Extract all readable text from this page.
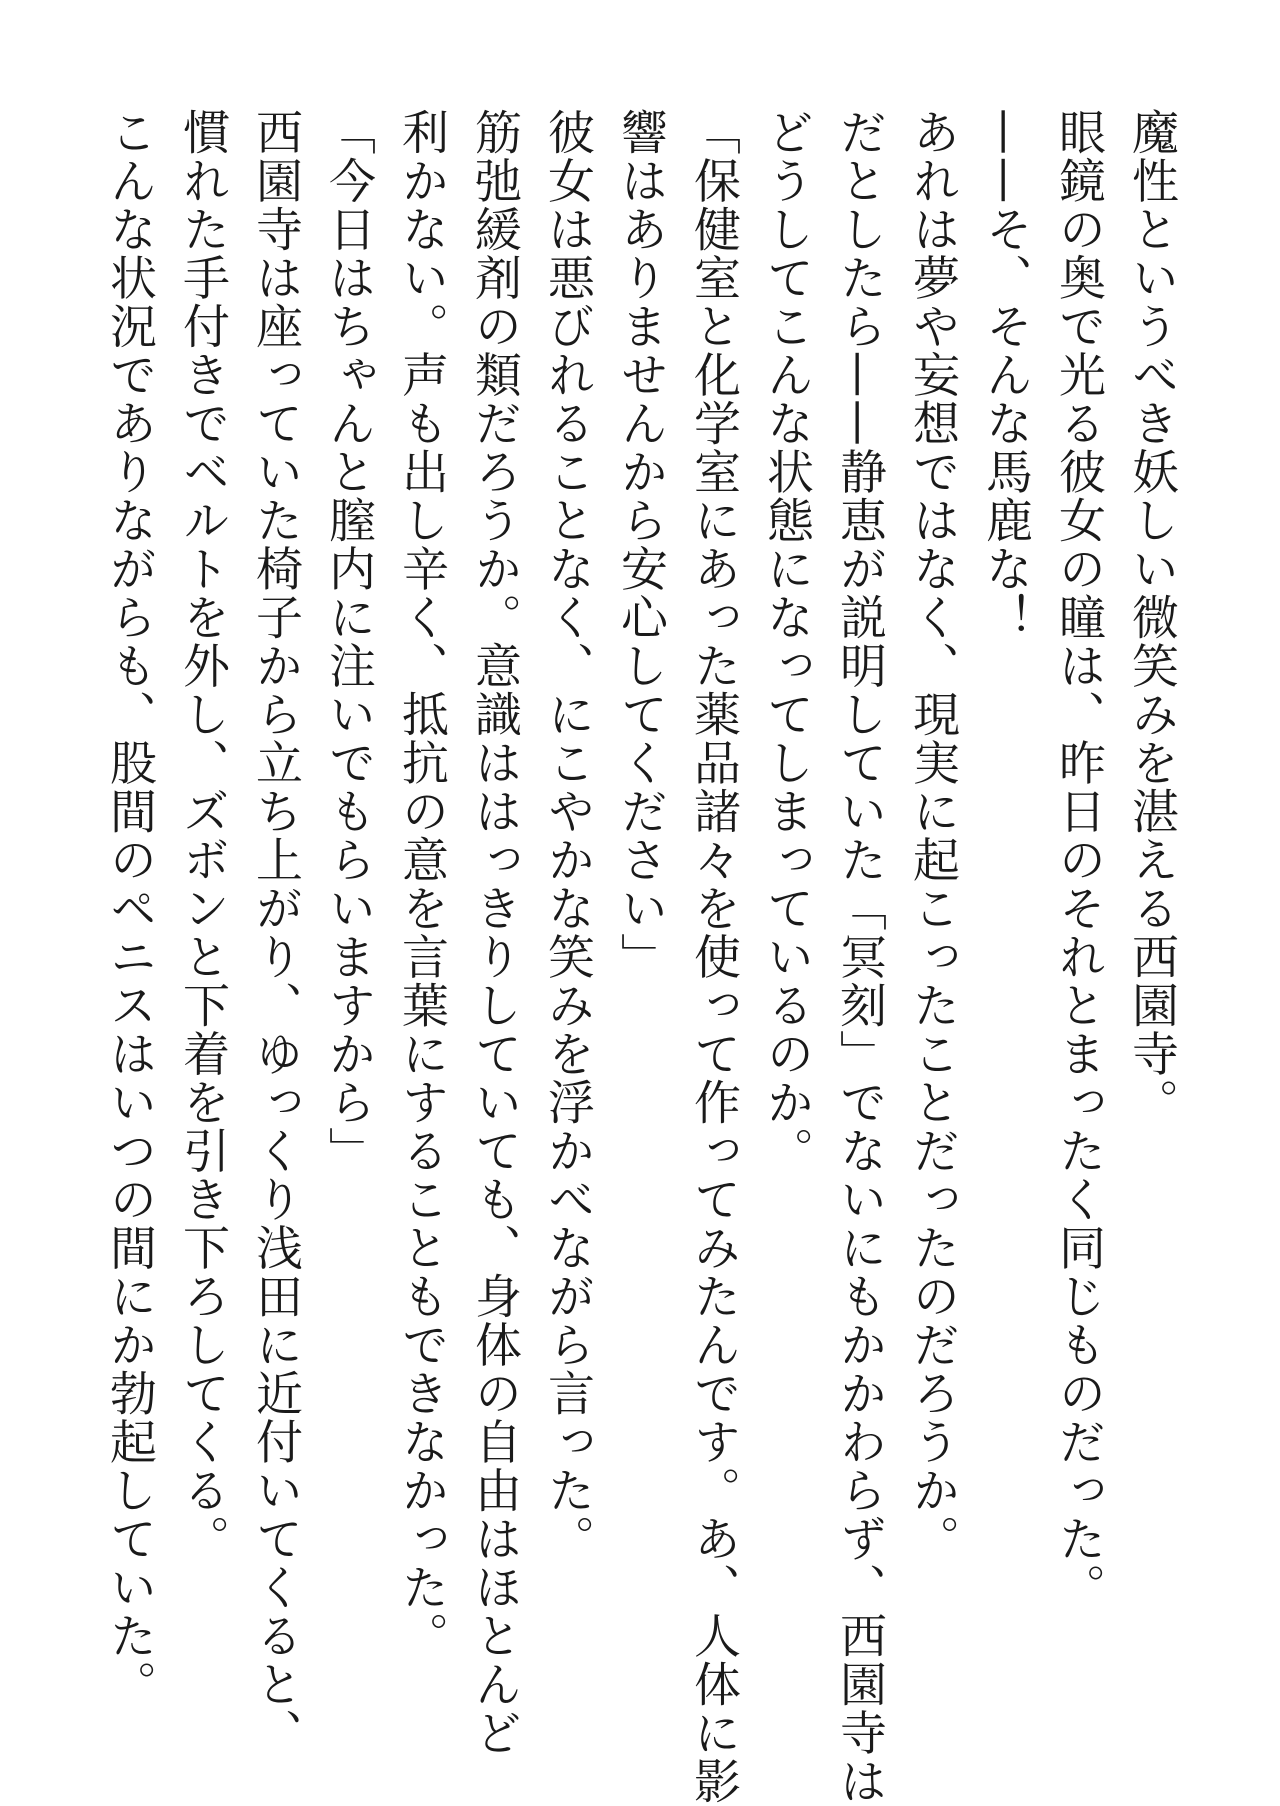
魔性というべき妖しい微笑みを湛える西園寺。
眼鏡の奥で光る彼女の瞳は、昨日のそれとまったく同じものだった。
——そ、そんな馬鹿な！
あれは夢や妄想ではなく、現実に起こったことだったのだろうか。
だとしたら——静恵が説明していた「冥刻」でないにもかかわらず、西園寺は
どうしてこんな状態になってしまっているのか。
「保健室と化学室にあった薬品諸々を使って作ってみたんです。あ、人体に影
響はありませんから安心してください」
彼女は悪びれることなく、にこやかな笑みを浮かべながら言った。
筋弛緩剤の類だろうか。意識ははっきりしていても、身体の自由はほとんど
利かない。声も出し辛く、抵抗の意を言葉にすることもできなかった。
「今日はちゃんと膣内に注いでもらいますから」
西園寺は座っていた椅子から立ち上がり、ゆっくり浅田に近付いてくると、
慣れた手付きでベルトを外し、ズボンと下着を引き下ろしてくる。
こんな状況でありながらも、股間のペニスはいつの間にか勃起していた。
